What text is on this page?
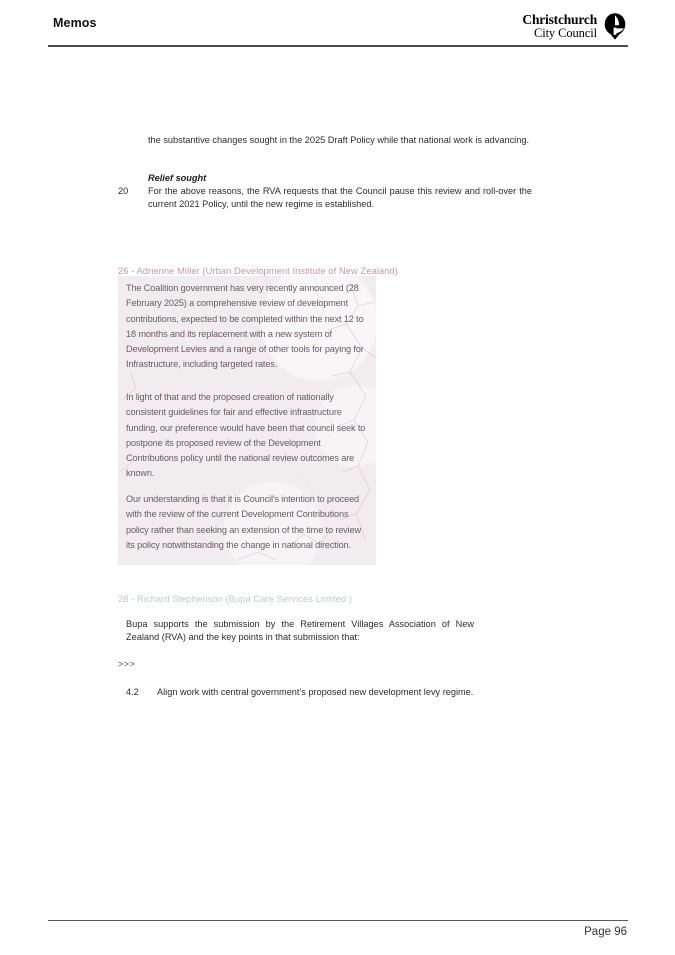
Memos	Christchurch
City Council
the substantive changes sought in the 2025 Draft Policy while that national work is advancing.
Relief sought
20 For the above reasons, the RVA requests that the Council pause this review and roll-over the current 2021 Policy, until the new regime is established.
26 - Adrienne Miller (Urban Development Institute of New Zealand)
The Coalition government has very recently announced (28 February 2025) a comprehensive review of development contributions, expected to be completed within the next 12 to 18 months and its replacement with a new system of Development Levies and a range of other tools for paying for Infrastructure, including targeted rates.
In light of that and the proposed creation of nationally consistent guidelines for fair and effective infrastructure funding, our preference would have been that council seek to postpone its proposed review of the Development Contributions policy until the national review outcomes are known.
Our understanding is that it is Council's intention to proceed with the review of the current Development Contributions policy rather than seeking an extension of the time to review its policy notwithstanding the change in national direction.
28 - Richard Stephenson (Bupa Care Services Limited )
Bupa supports the submission by the Retirement Villages Association of New Zealand (RVA) and the key points in that submission that:
>>>
4.2 Align work with central government's proposed new development levy regime.
Page 96
